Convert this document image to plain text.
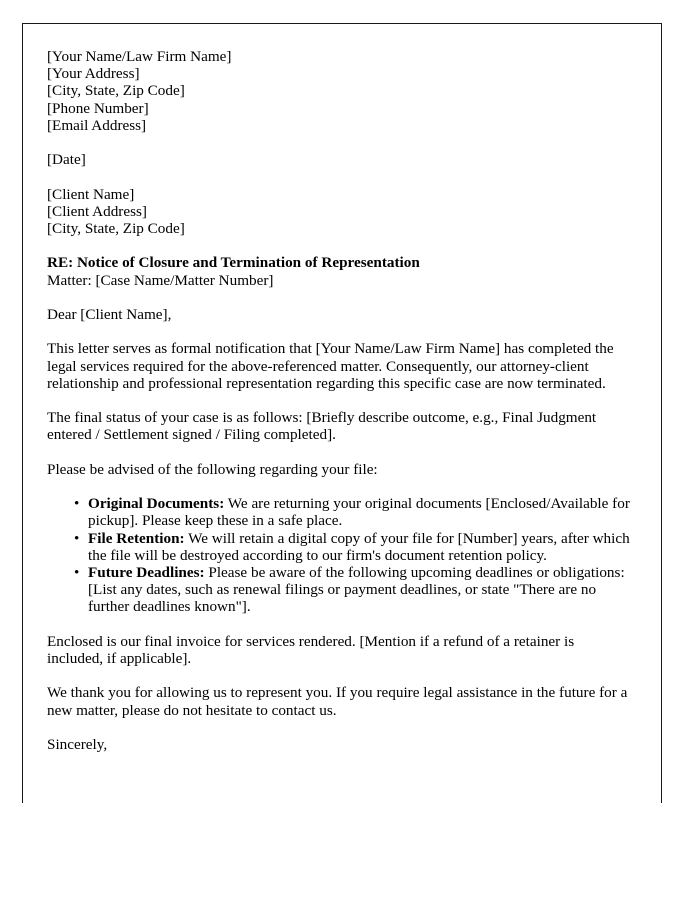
[Your Name/Law Firm Name]
[Your Address]
[City, State, Zip Code]
[Phone Number]
[Email Address]
[Date]
[Client Name]
[Client Address]
[City, State, Zip Code]
RE: Notice of Closure and Termination of Representation
Matter: [Case Name/Matter Number]
Dear [Client Name],

This letter serves as formal notification that [Your Name/Law Firm Name] has completed the legal services required for the above-referenced matter. Consequently, our attorney-client relationship and professional representation regarding this specific case are now terminated.

The final status of your case is as follows: [Briefly describe outcome, e.g., Final Judgment entered / Settlement signed / Filing completed].

Please be advised of the following regarding your file:

• Original Documents: We are returning your original documents [Enclosed/Available for pickup]. Please keep these in a safe place.
• File Retention: We will retain a digital copy of your file for [Number] years, after which the file will be destroyed according to our firm's document retention policy.
• Future Deadlines: Please be aware of the following upcoming deadlines or obligations: [List any dates, such as renewal filings or payment deadlines, or state "There are no further deadlines known"].

Enclosed is our final invoice for services rendered. [Mention if a refund of a retainer is included, if applicable].

We thank you for allowing us to represent you. If you require legal assistance in the future for a new matter, please do not hesitate to contact us.

Sincerely,
